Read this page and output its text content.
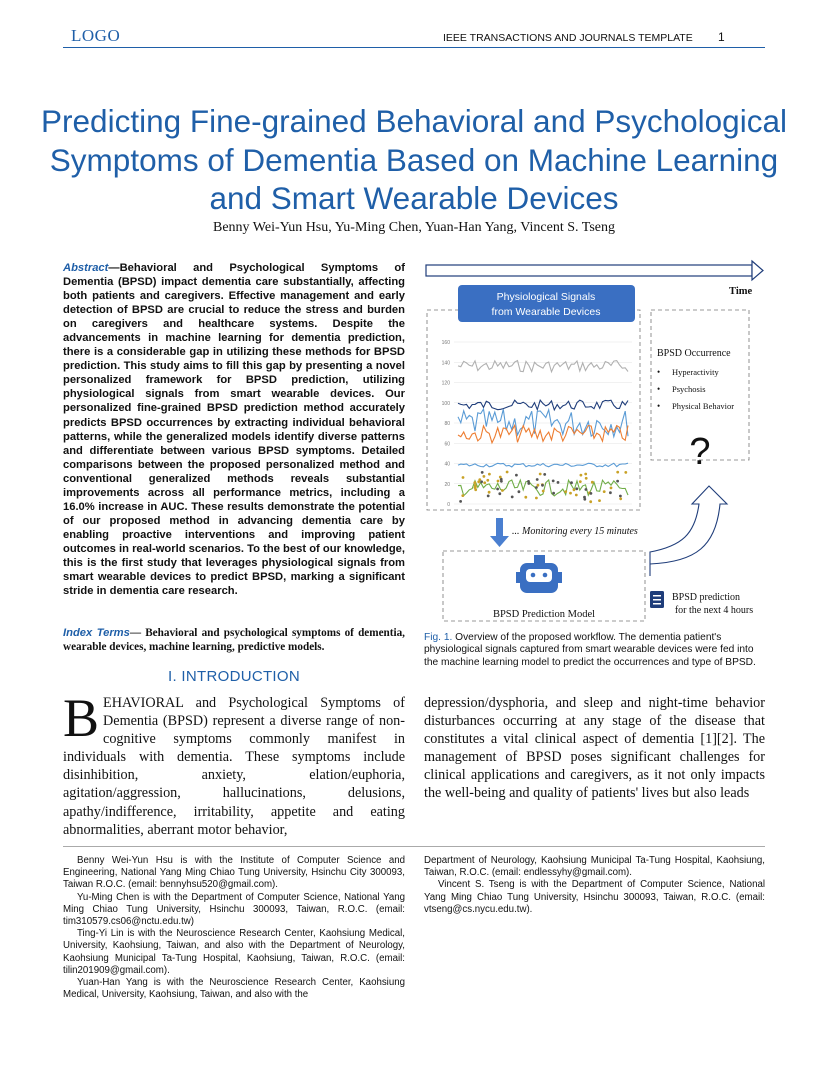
LOGO	IEEE TRANSACTIONS AND JOURNALS TEMPLATE 1
Predicting Fine-grained Behavioral and Psychological Symptoms of Dementia Based on Machine Learning and Smart Wearable Devices
Benny Wei-Yun Hsu, Yu-Ming Chen, Yuan-Han Yang, Vincent S. Tseng
Abstract—Behavioral and Psychological Symptoms of Dementia (BPSD) impact dementia care substantially, affecting both patients and caregivers. Effective management and early detection of BPSD are crucial to reduce the stress and burden on caregivers and healthcare systems. Despite the advancements in machine learning for dementia prediction, there is a considerable gap in utilizing these methods for BPSD prediction. This study aims to fill this gap by presenting a novel personalized framework for BPSD prediction, utilizing physiological signals from smart wearable devices. Our personalized fine-grained BPSD prediction method accurately predicts BPSD occurrences by extracting individual behavioral patterns, while the generalized models identify diverse patterns and differentiate between various BPSD symptoms. Detailed comparisons between the proposed personalized method and conventional generalized methods reveals substantial improvements across all performance metrics, including a 16.0% increase in AUC. These results demonstrate the potential of our proposed method in advancing dementia care by enabling proactive interventions and improving patient outcomes in real-world scenarios. To the best of our knowledge, this is the first study that leverages physiological signals from smart wearable devices to predict BPSD, marking a significant stride in dementia care research.
Index Terms— Behavioral and psychological symptoms of dementia, wearable devices, machine learning, predictive models.
I. INTRODUCTION
BEHAVIORAL and Psychological Symptoms of Dementia (BPSD) represent a diverse range of non-cognitive symptoms commonly manifest in individuals with dementia. These symptoms include disinhibition, anxiety, elation/euphoria, agitation/aggression, hallucinations, delusions, apathy/indifference, irritability, appetite and eating abnormalities, aberrant motor behavior,
depression/dysphoria, and sleep and night-time behavior disturbances occurring at any stage of the disease that constitutes a vital clinical aspect of dementia [1][2]. The management of BPSD poses significant challenges for clinical applications and caregivers, as it not only impacts the well-being and quality of patients' lives but also leads
Time
Physiological Signals
from Wearable Devices
160
140
120
100
80
60
40
20
0
BPSD Occurrence
• Hyperactivity
• Psychosis
• Physical Behavior
?
... Monitoring every 15 minutes
BPSD Prediction Model
BPSD prediction
for the next 4 hours
Fig. 1. Overview of the proposed workflow. The dementia patient's physiological signals captured from smart wearable devices were fed into the machine learning model to predict the occurrences and type of BPSD.

Benny Wei-Yun Hsu is with the Institute of Computer Science and Engineering, National Yang Ming Chiao Tung University, Hsinchu City 300093, Taiwan R.O.C. (email: bennyhsu520@gmail.com).

Yu-Ming Chen is with the Department of Computer Science, National Yang Ming Chiao Tung University, Hsinchu 300093, Taiwan, R.O.C. (email: tim310579.cs06@nctu.edu.tw)

Ting-Yi Lin is with the Neuroscience Research Center, Kaohsiung Medical, University, Kaohsiung, Taiwan, and also with the Department of Neurology, Kaohsiung Municipal Ta-Tung Hospital, Kaohsiung, Taiwan, R.O.C. (email: tilin201909@gmail.com).

Yuan-Han Yang is with the Neuroscience Research Center, Kaohsiung Medical, University, Kaohsiung, Taiwan, and also with the

Department of Neurology, Kaohsiung Municipal Ta-Tung Hospital, Kaohsiung, Taiwan, R.O.C. (email: endlessyhy@gmail.com).

Vincent S. Tseng is with the Department of Computer Science, National Yang Ming Chiao Tung University, Hsinchu 300093, Taiwan, R.O.C. (email: vtseng@cs.nycu.edu.tw).
